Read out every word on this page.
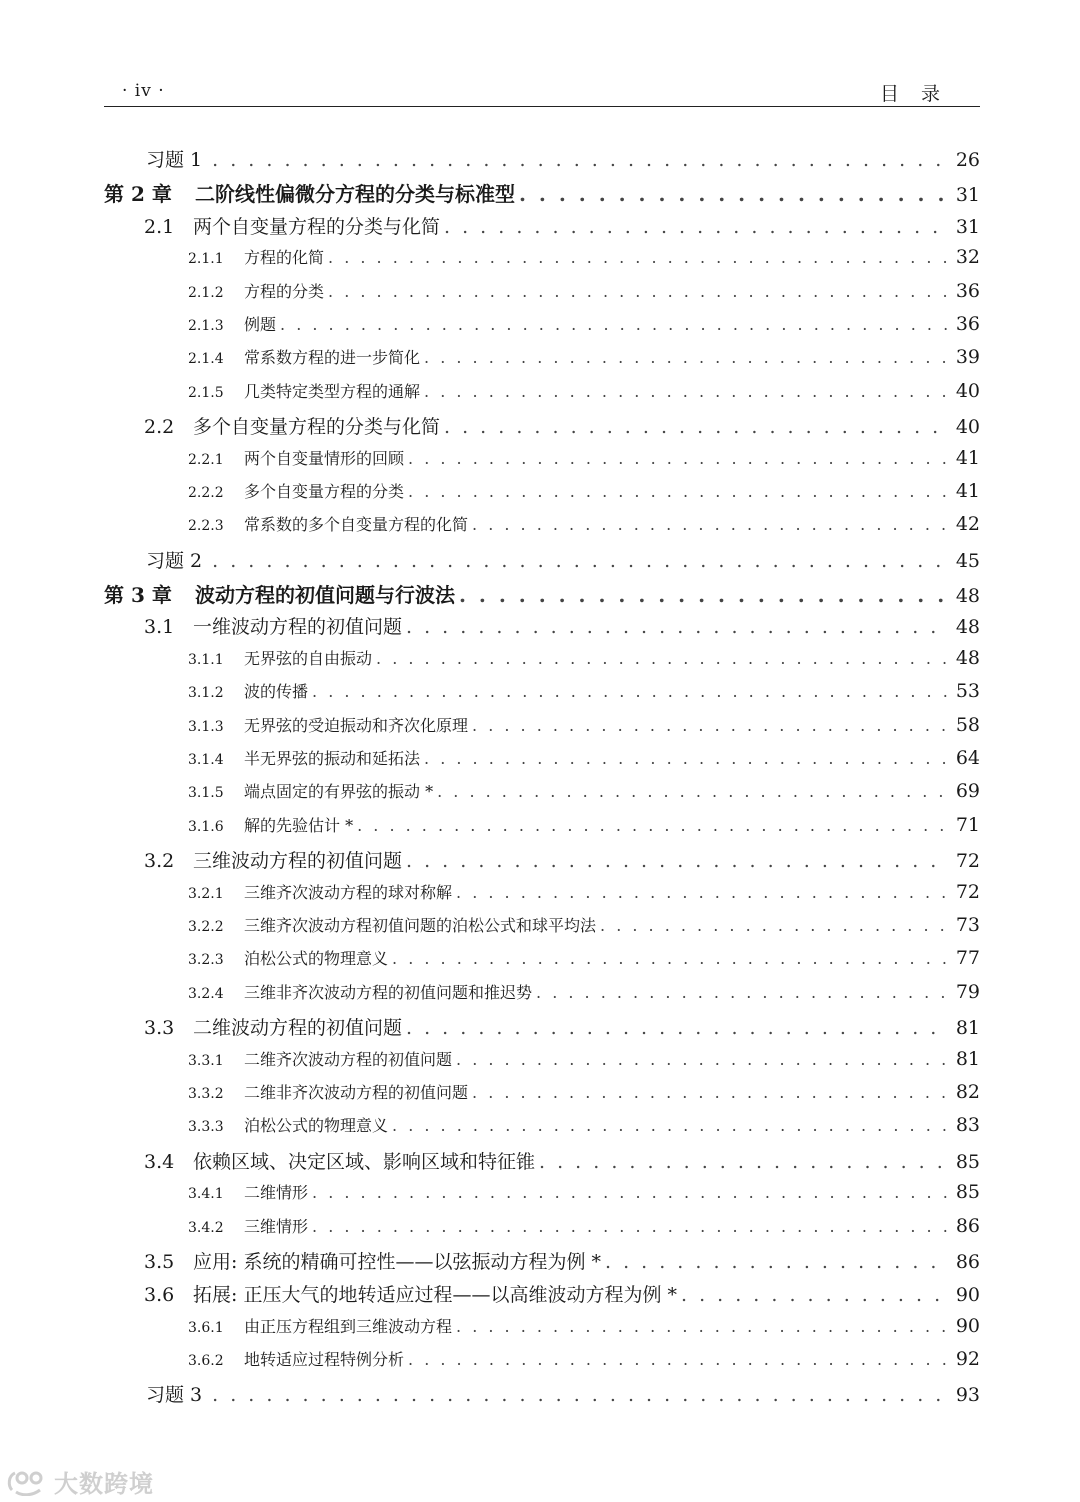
· iv ·	目录
习题 1 . . .	26
第 2 章	二阶线性偏微分方程的分类与标准型 . . .	31
2.1 两个自变量方程的分类与化简 . . .	31
2.1.1	方程的化简 . . .	32
2.1.2	方程的分类 . . .	36
2.1.3	例题 . . .	36
2.1.4	常系数方程的进一步简化 . . .	39
2.1.5	几类特定类型方程的通解 . . .	40
2.2 多个自变量方程的分类与化简 . . .	40
2.2.1	两个自变量情形的回顾 . . .	41
2.2.2	多个自变量方程的分类 . . .	41
2.2.3	常系数的多个自变量方程的化简 . . .	42
习题 2 . . .	45
第 3 章	波动方程的初值问题与行波法 . . .	48
3.1 一维波动方程的初值问题 . . .	48
3.1.1	无界弦的自由振动 . . .	48
3.1.2	波的传播 . . .	53
3.1.3	无界弦的受迫振动和齐次化原理 . . .	58
3.1.4	半无界弦的振动和延拓法 . . .	64
3.1.5	端点固定的有界弦的振动 * . . .	69
3.1.6	解的先验估计 * . . .	71
3.2 三维波动方程的初值问题 . . .	72
3.2.1	三维齐次波动方程的球对称解 . . .	72
3.2.2	三维齐次波动方程初值问题的泊松公式和球平均法 . . .	73
3.2.3	泊松公式的物理意义 . . .	77
3.2.4	三维非齐次波动方程的初值问题和推迟势 . . .	79
3.3 二维波动方程的初值问题 . . .	81
3.3.1	二维齐次波动方程的初值问题 . . .	81
3.3.2	二维非齐次波动方程的初值问题 . . .	82
3.3.3	泊松公式的物理意义 . . .	83
3.4 依赖区域、决定区域、影响区域和特征锥 . . .	85
3.4.1	二维情形 . . .	85
3.4.2	三维情形 . . .	86
3.5 应用: 系统的精确可控性——以弦振动方程为例 * . . .	86
3.6 拓展: 正压大气的地转适应过程——以高维波动方程为例 * . . .	90
3.6.1	由正压方程组到三维波动方程 . . .	90
3.6.2	地转适应过程特例分析 . . .	92
习题 3 . . .	93
大数跨境
